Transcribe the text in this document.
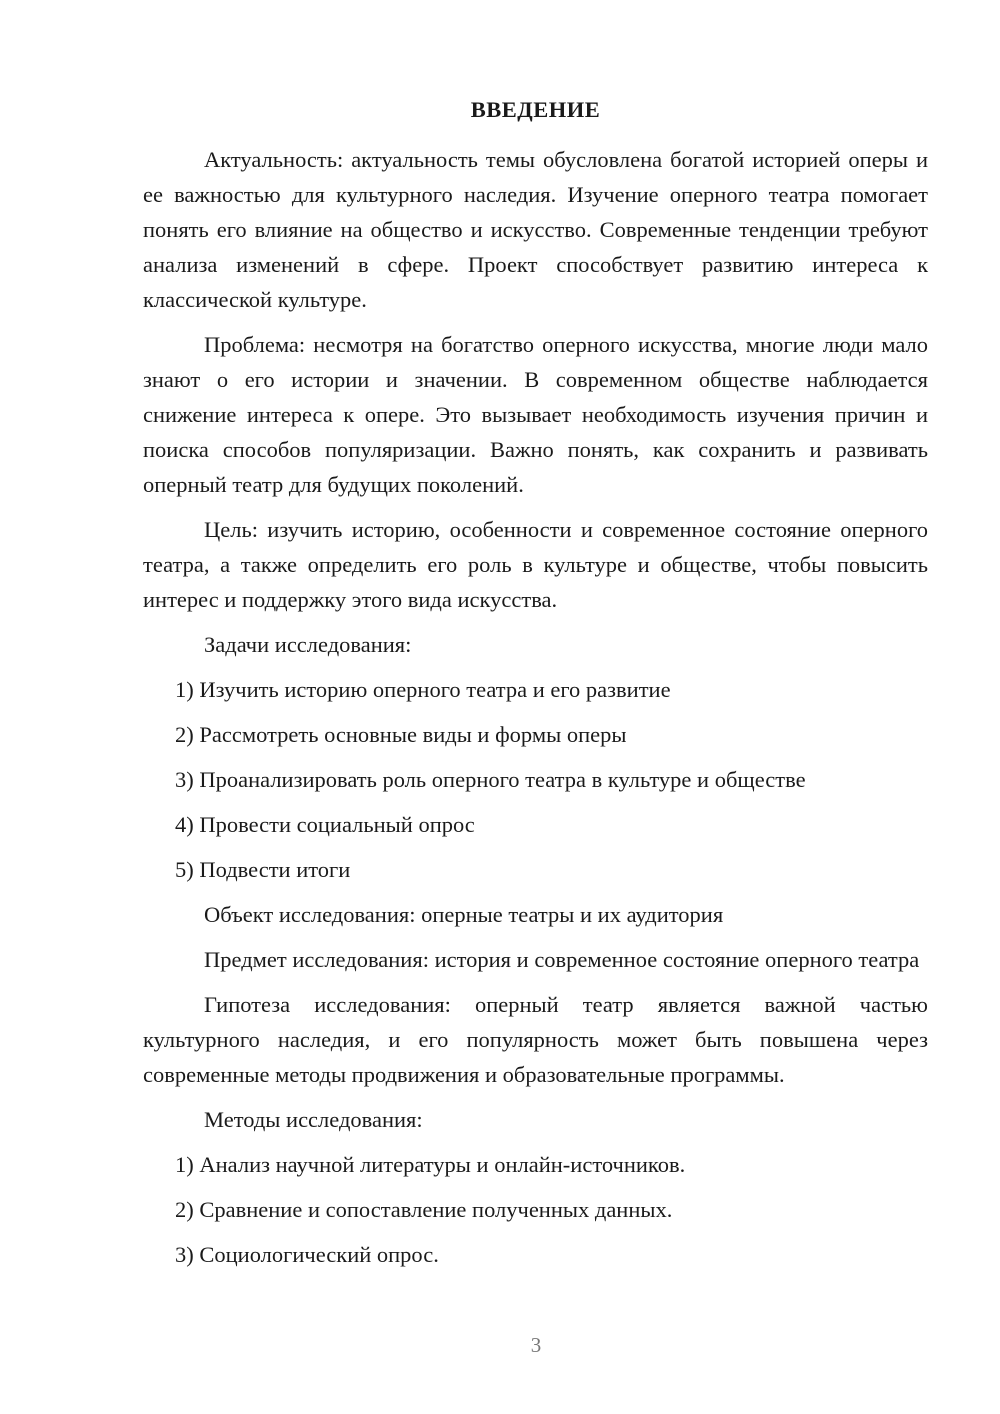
ВВЕДЕНИЕ

Актуальность: актуальность темы обусловлена богатой историей оперы и ее важностью для культурного наследия. Изучение оперного театра помогает понять его влияние на общество и искусство. Современные тенденции требуют анализа изменений в сфере. Проект способствует развитию интереса к классической культуре.

Проблема: несмотря на богатство оперного искусства, многие люди мало знают о его истории и значении. В современном обществе наблюдается снижение интереса к опере. Это вызывает необходимость изучения причин и поиска способов популяризации. Важно понять, как сохранить и развивать оперный театр для будущих поколений.

Цель: изучить историю, особенности и современное состояние оперного театра, а также определить его роль в культуре и обществе, чтобы повысить интерес и поддержку этого вида искусства.

Задачи исследования:

1) Изучить историю оперного театра и его развитие
2) Рассмотреть основные виды и формы оперы
3) Проанализировать роль оперного театра в культуре и обществе
4) Провести социальный опрос
5) Подвести итоги

Объект исследования: оперные театры и их аудитория

Предмет исследования: история и современное состояние оперного театра

Гипотеза исследования: оперный театр является важной частью культурного наследия, и его популярность может быть повышена через современные методы продвижения и образовательные программы.

Методы исследования:

1) Анализ научной литературы и онлайн-источников.
2) Сравнение и сопоставление полученных данных.
3) Социологический опрос.
3
